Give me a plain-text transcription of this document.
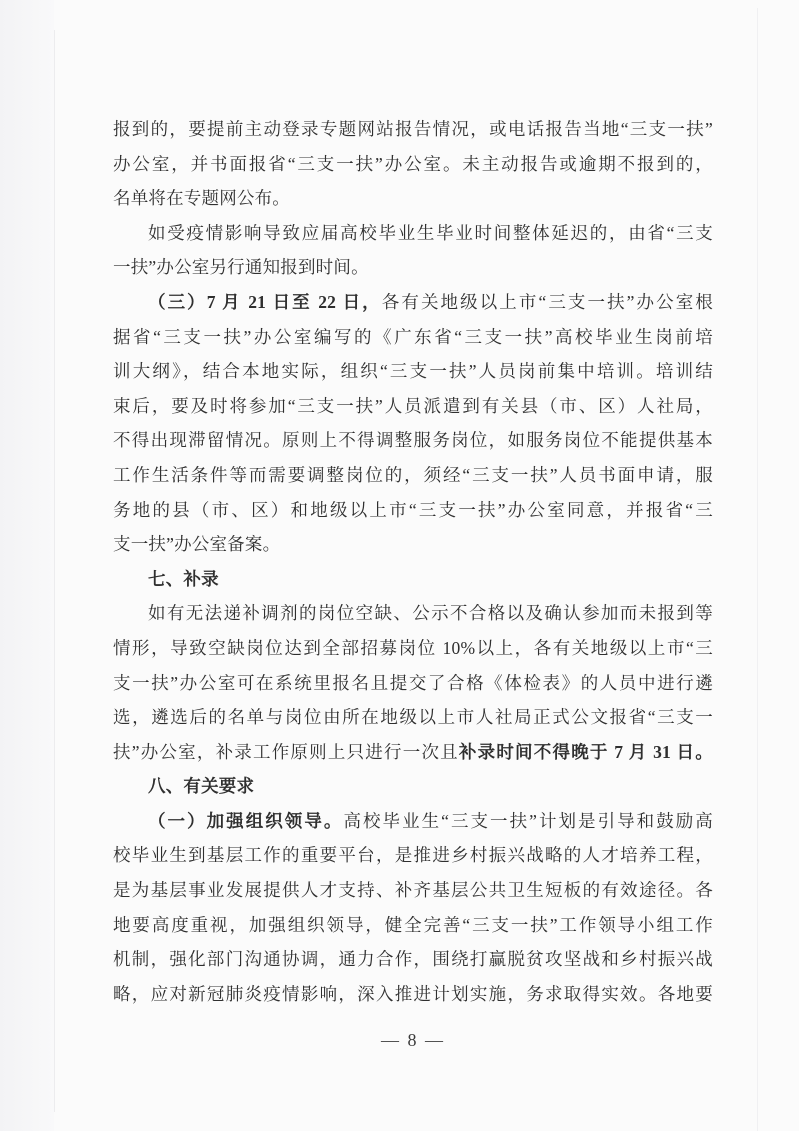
报到的，要提前主动登录专题网站报告情况，或电话报告当地“三支一扶”
办公室，并书面报省“三支一扶”办公室。未主动报告或逾期不报到的，
名单将在专题网公布。
如受疫情影响导致应届高校毕业生毕业时间整体延迟的，由省“三支
一扶”办公室另行通知报到时间。
（三）7 月 21 日至 22 日，各有关地级以上市“三支一扶”办公室根
据省“三支一扶”办公室编写的《广东省“三支一扶”高校毕业生岗前培
训大纲》，结合本地实际，组织“三支一扶”人员岗前集中培训。培训结
束后，要及时将参加“三支一扶”人员派遣到有关县（市、区）人社局，
不得出现滞留情况。原则上不得调整服务岗位，如服务岗位不能提供基本
工作生活条件等而需要调整岗位的，须经“三支一扶”人员书面申请，服
务地的县（市、区）和地级以上市“三支一扶”办公室同意，并报省“三
支一扶”办公室备案。
七、补录
如有无法递补调剂的岗位空缺、公示不合格以及确认参加而未报到等
情形，导致空缺岗位达到全部招募岗位 10%以上，各有关地级以上市“三
支一扶”办公室可在系统里报名且提交了合格《体检表》的人员中进行遴
选，遴选后的名单与岗位由所在地级以上市人社局正式公文报省“三支一
扶”办公室，补录工作原则上只进行一次且补录时间不得晚于 7 月 31 日。
八、有关要求
（一）加强组织领导。高校毕业生“三支一扶”计划是引导和鼓励高
校毕业生到基层工作的重要平台，是推进乡村振兴战略的人才培养工程，
是为基层事业发展提供人才支持、补齐基层公共卫生短板的有效途径。各
地要高度重视，加强组织领导，健全完善“三支一扶”工作领导小组工作
机制，强化部门沟通协调，通力合作，围绕打赢脱贫攻坚战和乡村振兴战
略，应对新冠肺炎疫情影响，深入推进计划实施，务求取得实效。各地要
— 8 —
